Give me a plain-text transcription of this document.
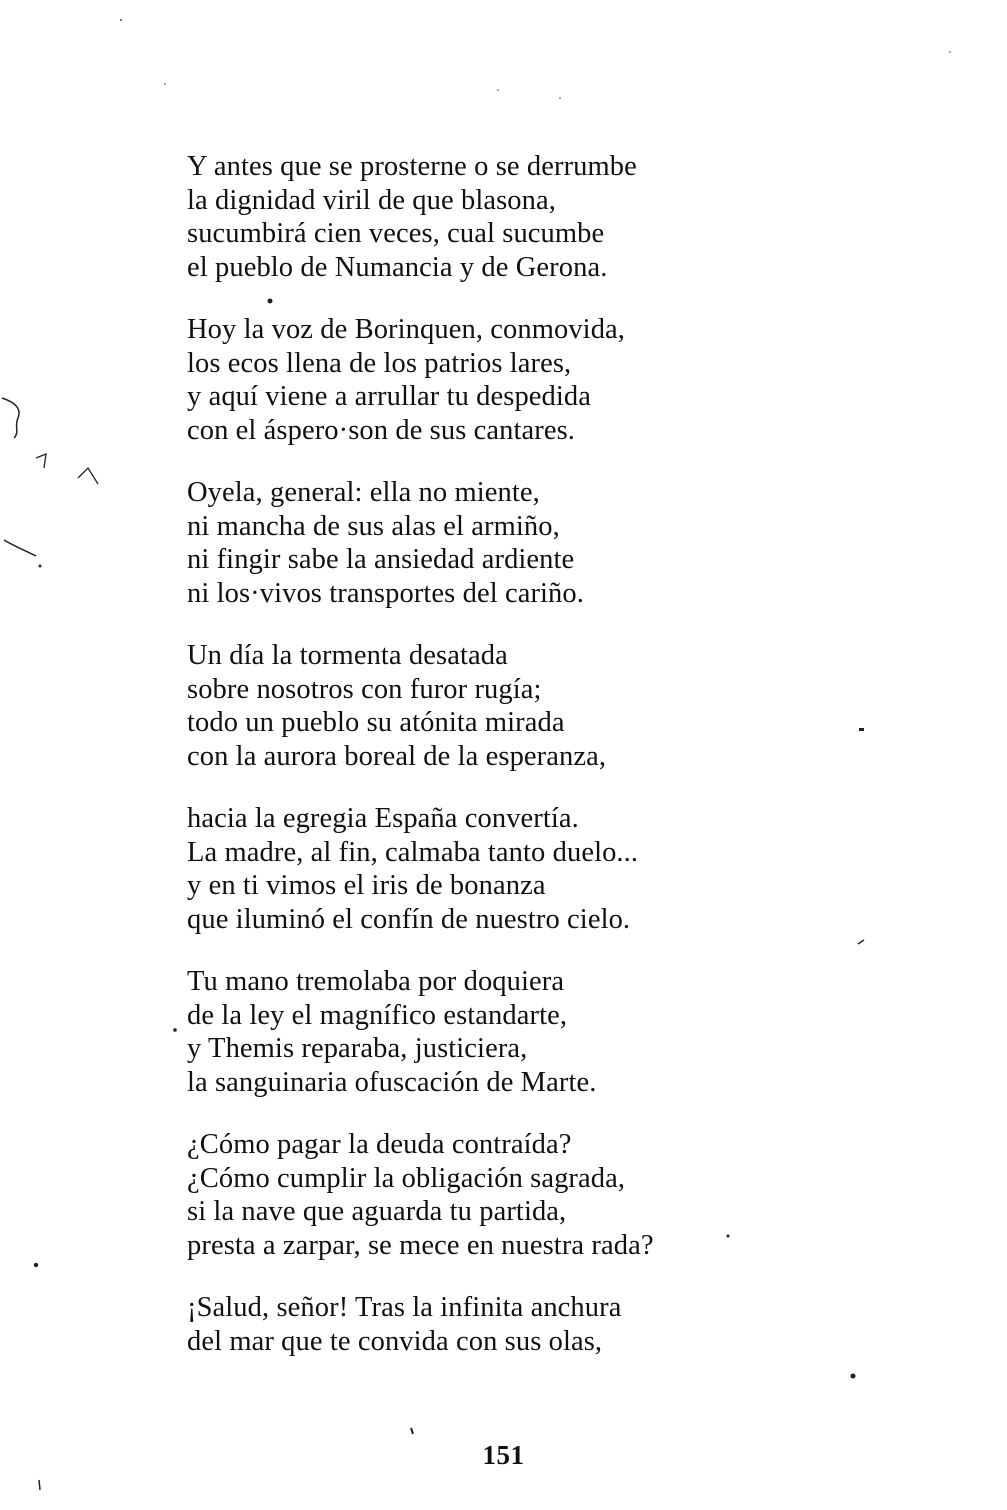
Y antes que se prosterne o se derrumbe
la dignidad viril de que blasona,
sucumbirá cien veces, cual sucumbe
el pueblo de Numancia y de Gerona.
Hoy la voz de Borinquen, conmovida,
los ecos llena de los patrios lares,
y aquí viene a arrullar tu despedida
con el áspero·son de sus cantares.
Oyela, general: ella no miente,
ni mancha de sus alas el armiño,
ni fingir sabe la ansiedad ardiente
ni los·vivos transportes del cariño.
Un día la tormenta desatada
sobre nosotros con furor rugía;
todo un pueblo su atónita mirada
con la aurora boreal de la esperanza,
hacia la egregia España convertía.
La madre, al fin, calmaba tanto duelo...
y en ti vimos el iris de bonanza
que iluminó el confín de nuestro cielo.
Tu mano tremolaba por doquiera
de la ley el magnífico estandarte,
y Themis reparaba, justiciera,
la sanguinaria ofuscación de Marte.
¿Cómo pagar la deuda contraída?
¿Cómo cumplir la obligación sagrada,
si la nave que aguarda tu partida,
presta a zarpar, se mece en nuestra rada?
¡Salud, señor! Tras la infinita anchura
del mar que te convida con sus olas,
151
